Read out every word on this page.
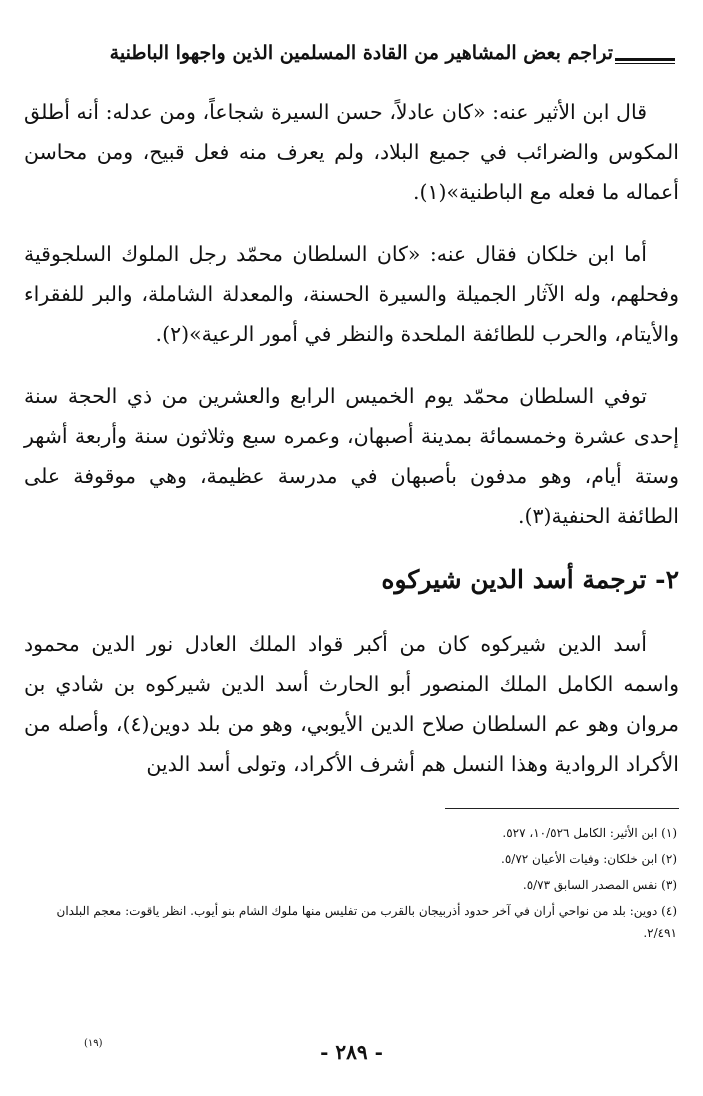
تراجم بعض المشاهير من القادة المسلمين الذين واجهوا الباطنية

قال ابن الأثير عنه: «كان عادلاً، حسن السيرة شجاعاً، ومن عدله: أنه أطلق المكوس والضرائب في جميع البلاد، ولم يعرف منه فعل قبيح، ومن محاسن أعماله ما فعله مع الباطنية»(١).

أما ابن خلكان فقال عنه: «كان السلطان محمّد رجل الملوك السلجوقية وفحلهم، وله الآثار الجميلة والسيرة الحسنة، والمعدلة الشاملة، والبر للفقراء والأيتام، والحرب للطائفة الملحدة والنظر في أمور الرعية»(٢).

توفي السلطان محمّد يوم الخميس الرابع والعشرين من ذي الحجة سنة إحدى عشرة وخمسمائة بمدينة أصبهان، وعمره سبع وثلاثون سنة وأربعة أشهر وستة أيام، وهو مدفون بأصبهان في مدرسة عظيمة، وهي موقوفة على الطائفة الحنفية(٣).

٢- ترجمة أسد الدين شيركوه

أسد الدين شيركوه كان من أكبر قواد الملك العادل نور الدين محمود واسمه الكامل الملك المنصور أبو الحارث أسد الدين شيركوه بن شادي بن مروان وهو عم السلطان صلاح الدين الأيوبي، وهو من بلد دوين(٤)، وأصله من الأكراد الروادية وهذا النسل هم أشرف الأكراد، وتولى أسد الدين

(١) ابن الأثير: الكامل ١٠/٥٢٦، ٥٢٧.

(٢) ابن خلكان: وفيات الأعيان ٥/٧٢.

(٣) نفس المصدر السابق ٥/٧٣.

(٤) دوين: بلد من نواحي أران في آخر حدود أذربيجان بالقرب من تفليس منها ملوك الشام بنو أيوب. انظر ياقوت: معجم البلدان ٢/٤٩١.

(١٩)	- ٢٨٩ -
